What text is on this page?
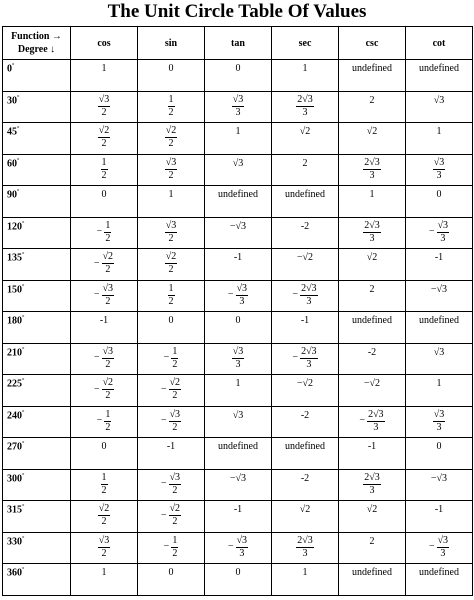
The Unit Circle Table Of Values
Function →
Degree ↓	cos	sin	tan	sec	csc	cot
0°	1	0	0	1	undefined	undefined
30°	$\frac{√3}{2}$	$\frac{1}{2}$	$\frac{√3}{3}$	$\frac{2√3}{3}$	2	√3
45°	$\frac{√2}{2}$	$\frac{√2}{2}$	1	√2	√2	1
60°	$\frac{1}{2}$	$\frac{√3}{2}$	√3	2	$\frac{2√3}{3}$	$\frac{√3}{3}$

90°	0	1	undefined	undefined	1	0
120°	− $\frac{1}{2}$	$\frac{√3}{2}$	−√3	-2	$\frac{2√3}{3}$	− $\frac{√3}{3}$

135°	− $\frac{√2}{2}$	$\frac{√2}{2}$	-1	−√2	√2	-1
150°	− $\frac{√3}{2}$	$\frac{1}{2}$	− $\frac{√3}{3}$	− $\frac{2√3}{3}$	2	−√3
180°	-1	0	0	-1	undefined	undefined
210°	− $\frac{√3}{2}$	− $\frac{1}{2}$	$\frac{√3}{3}$	− $\frac{2√3}{3}$	-2	√3
225°	− $\frac{√2}{2}$	− $\frac{√2}{2}$	1	−√2	−√2	1
240°	− $\frac{1}{2}$	− $\frac{√3}{2}$	√3	-2	− $\frac{2√3}{3}$	$\frac{√3}{3}$

270°	0	-1	undefined	undefined	-1	0
300°	$\frac{1}{2}$	− $\frac{√3}{2}$	−√3	-2	$\frac{2√3}{3}$	−√3
315°	$\frac{√2}{2}$	− $\frac{√2}{2}$	-1	√2	√2	-1
330°	$\frac{√3}{2}$	− $\frac{1}{2}$	− $\frac{√3}{3}$	$\frac{2√3}{3}$	2	− $\frac{√3}{3}$

360°	1	0	0	1	undefined	undefined
